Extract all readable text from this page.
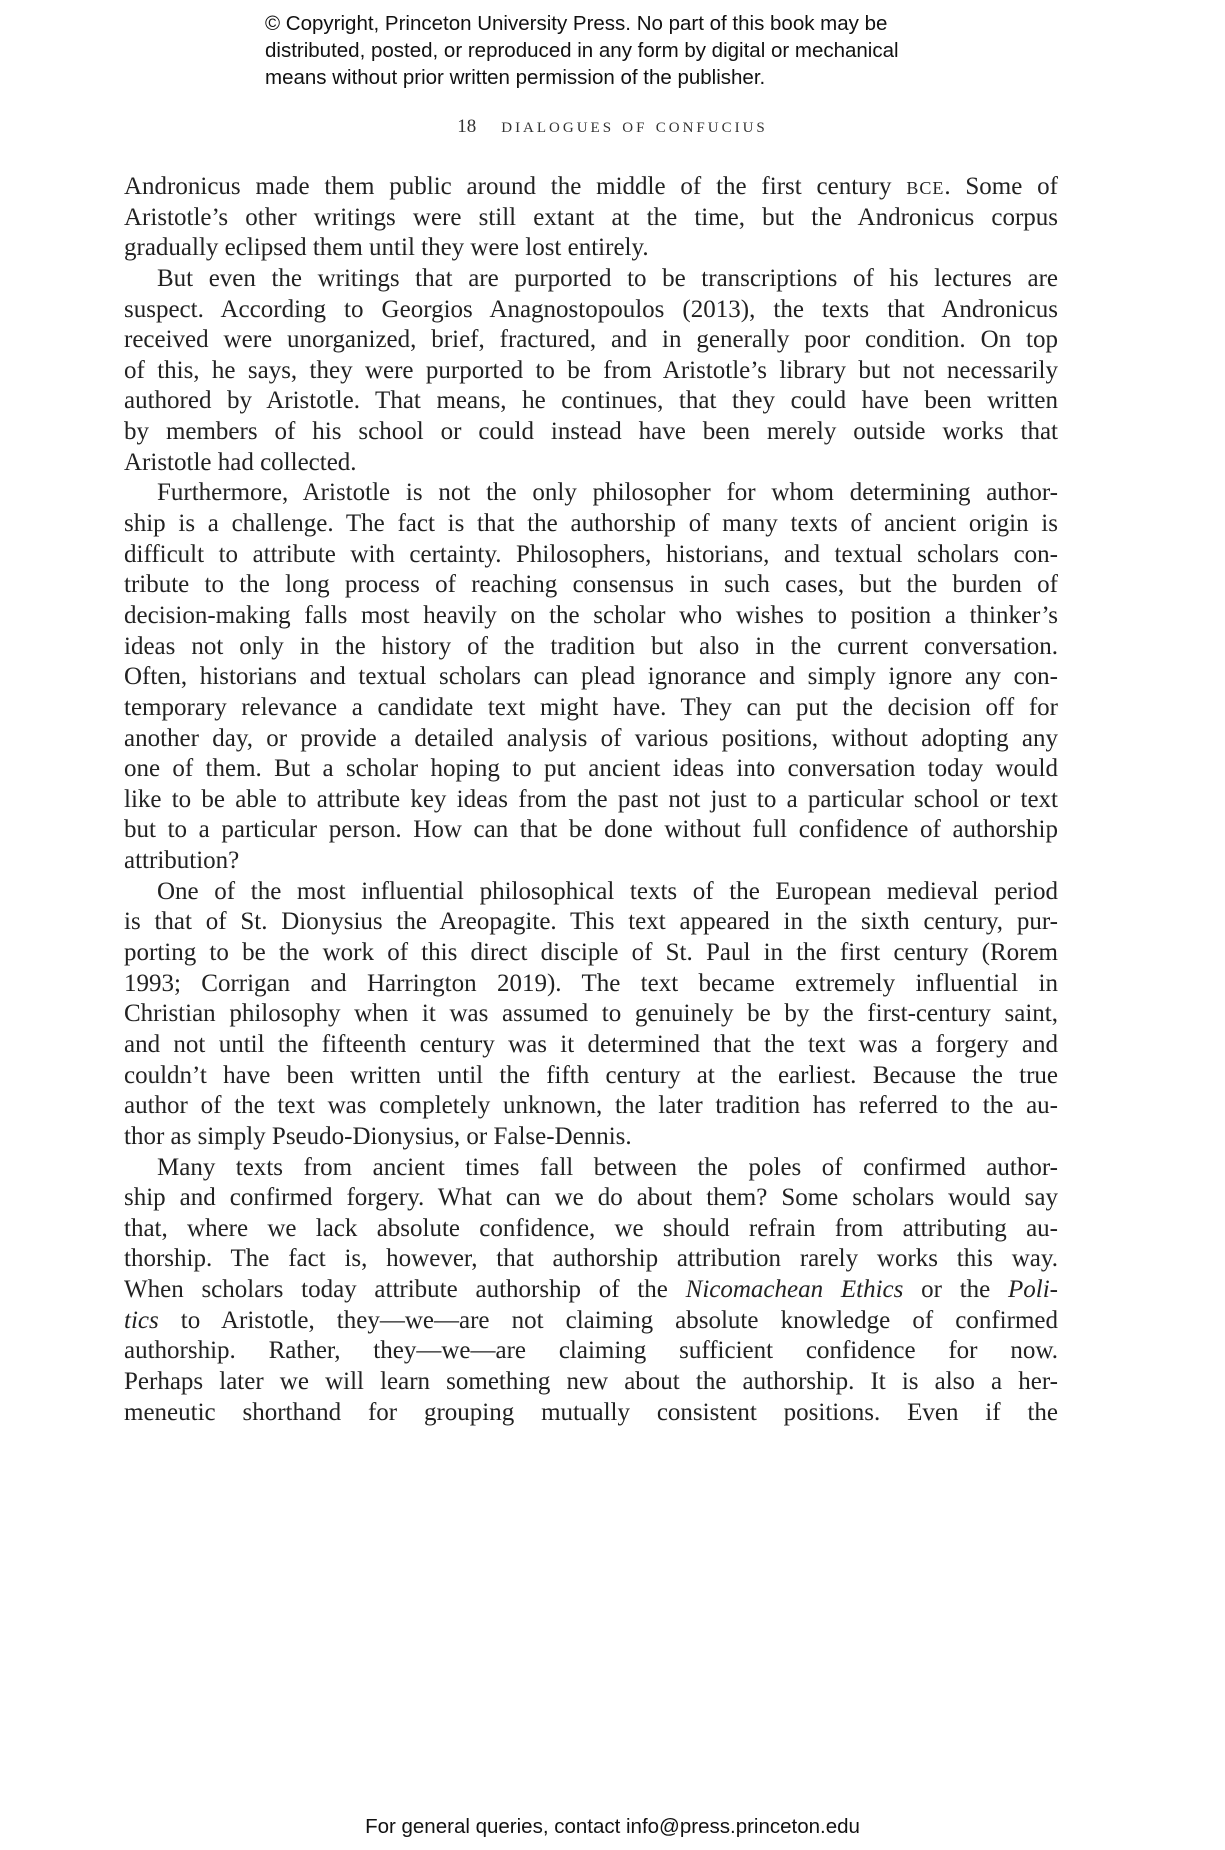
© Copyright, Princeton University Press. No part of this book may be
distributed, posted, or reproduced in any form by digital or mechanical
means without prior written permission of the publisher.
18 dialogues of confucius
Andronicus made them public around the middle of the first century bce. Some of
Aristotle’s other writings were still extant at the time, but the Andronicus corpus
gradually eclipsed them until they were lost entirely.
But even the writings that are purported to be transcriptions of his lectures are
suspect. According to Georgios Anagnostopoulos (2013), the texts that Andronicus
received were unorganized, brief, fractured, and in generally poor condition. On top
of this, he says, they were purported to be from Aristotle’s library but not necessarily
authored by Aristotle. That means, he continues, that they could have been written
by members of his school or could instead have been merely outside works that
Aristotle had collected.
Furthermore, Aristotle is not the only philosopher for whom determining author-
ship is a challenge. The fact is that the authorship of many texts of ancient origin is
difficult to attribute with certainty. Philosophers, historians, and textual scholars con-
tribute to the long process of reaching consensus in such cases, but the burden of
decision-making falls most heavily on the scholar who wishes to position a thinker’s
ideas not only in the history of the tradition but also in the current conversation.
Often, historians and textual scholars can plead ignorance and simply ignore any con-
temporary relevance a candidate text might have. They can put the decision off for
another day, or provide a detailed analysis of various positions, without adopting any
one of them. But a scholar hoping to put ancient ideas into conversation today would
like to be able to attribute key ideas from the past not just to a particular school or text
but to a particular person. How can that be done without full confidence of authorship
attribution?
One of the most influential philosophical texts of the European medieval period
is that of St. Dionysius the Areopagite. This text appeared in the sixth century, pur-
porting to be the work of this direct disciple of St. Paul in the first century (Rorem
1993; Corrigan and Harrington 2019). The text became extremely influential in
Christian philosophy when it was assumed to genuinely be by the first-century saint,
and not until the fifteenth century was it determined that the text was a forgery and
couldn’t have been written until the fifth century at the earliest. Because the true
author of the text was completely unknown, the later tradition has referred to the au-
thor as simply Pseudo-Dionysius, or False-Dennis.
Many texts from ancient times fall between the poles of confirmed author-
ship and confirmed forgery. What can we do about them? Some scholars would say
that, where we lack absolute confidence, we should refrain from attributing au-
thorship. The fact is, however, that authorship attribution rarely works this way.
When scholars today attribute authorship of the Nicomachean Ethics or the Poli-
tics to Aristotle, they—we—are not claiming absolute knowledge of confirmed
authorship. Rather, they—we—are claiming sufficient confidence for now.
Perhaps later we will learn something new about the authorship. It is also a her-
meneutic shorthand for grouping mutually consistent positions. Even if the
For general queries, contact info@press.princeton.edu
